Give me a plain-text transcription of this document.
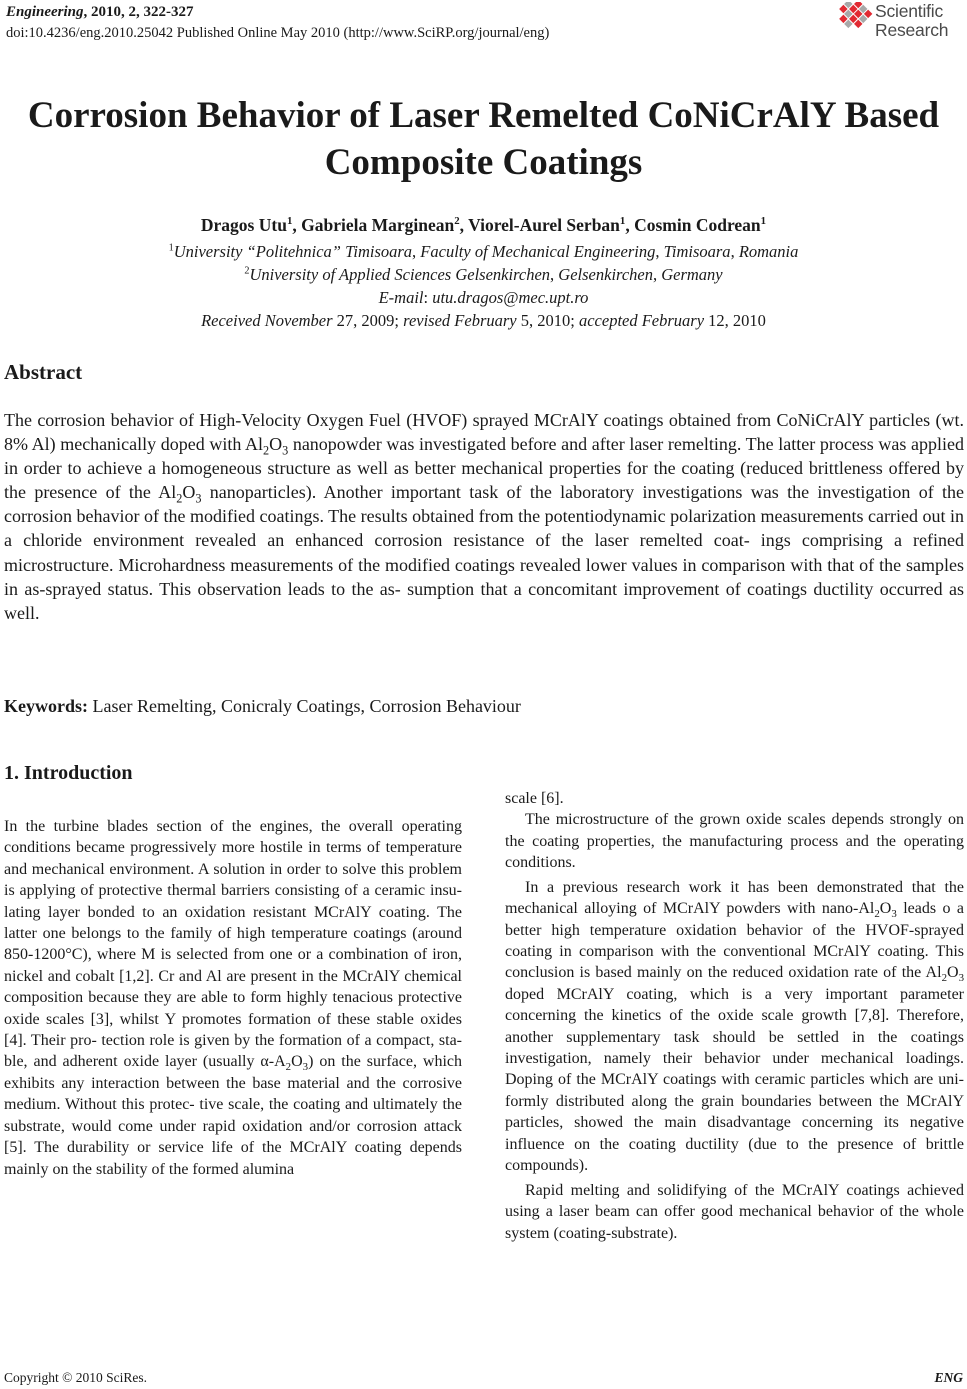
Engineering, 2010, 2, 322-327
doi:10.4236/eng.2010.25042 Published Online May 2010 (http://www.SciRP.org/journal/eng)
Scientific
Research
Corrosion Behavior of Laser Remelted CoNiCrAlY Based
Composite Coatings
Dragos Utu$^1$, Gabriela Marginean$^2$, Viorel-Aurel Serban$^1$, Cosmin Codrean$^1$
$^1$University “Politehnica” Timisoara, Faculty of Mechanical Engineering, Timisoara, Romania
$^2$University of Applied Sciences Gelsenkirchen, Gelsenkirchen, Germany
E-mail: utu.dragos@mec.upt.ro
Received November 27, 2009; revised February 5, 2010; accepted February 12, 2010
Abstract
The corrosion behavior of High-Velocity Oxygen Fuel (HVOF) sprayed MCrAlY coatings obtained from CoNiCrAlY particles (wt. 8% Al) mechanically doped with $Al_2O_3$ nanopowder was investigated before and after laser remelting. The latter process was applied in order to achieve a homogeneous structure as well as better mechanical properties for the coating (reduced brittleness offered by the presence of the $Al_2O_3$ nanoparticles). Another important task of the laboratory investigations was the investigation of the corrosion behavior of the modified coatings. The results obtained from the potentiodynamic polarization measurements carried out in a chloride environment revealed an enhanced corrosion resistance of the laser remelted coat- ings comprising a refined microstructure. Microhardness measurements of the modified coatings revealed lower values in comparison with that of the samples in as-sprayed status. This observation leads to the as- sumption that a concomitant improvement of coatings ductility occurred as well.
Keywords: Laser Remelting, Conicraly Coatings, Corrosion Behaviour
1. Introduction

In the turbine blades section of the engines, the overall operating conditions became progressively more hostile in terms of temperature and mechanical environment. A solution in order to solve this problem is applying of protective thermal barriers consisting of a ceramic insu- lating layer bonded to an oxidation resistant MCrAlY coating. The latter one belongs to the family of high temperature coatings (around 850-1200°C), where M is selected from one or a combination of iron, nickel and cobalt [1,2]. Cr and Al are present in the MCrAlY chemical composition because they are able to form highly tenacious protective oxide scales [3], whilst Y promotes formation of these stable oxides [4]. Their pro- tection role is given by the formation of a compact, sta- ble, and adherent oxide layer (usually $\alpha-A_2O_3$) on the surface, which exhibits any interaction between the base material and the corrosive medium. Without this protec- tive scale, the coating and ultimately the substrate, would come under rapid oxidation and/or corrosion attack [5]. The durability or service life of the MCrAlY coating depends mainly on the stability of the formed alumina

scale [6].

The microstructure of the grown oxide scales depends strongly on the coating properties, the manufacturing process and the operating conditions.

In a previous research work it has been demonstrated that the mechanical alloying of MCrAlY powders with nano-$Al_2O_3$ leads o a better high temperature oxidation behavior of the HVOF-sprayed coating in comparison with the conventional MCrAlY coating. This conclusion is based mainly on the reduced oxidation rate of the $Al_2O_3$ doped MCrAlY coating, which is a very important parameter concerning the kinetics of the oxide scale growth [7,8]. Therefore, another supplementary task should be settled in the coatings investigation, namely their behavior under mechanical loadings. Doping of the MCrAlY coatings with ceramic particles which are uni- formly distributed along the grain boundaries between the MCrAlY particles, showed the main disadvantage concerning its negative influence on the coating ductility (due to the presence of brittle compounds).

Rapid melting and solidifying of the MCrAlY coatings achieved using a laser beam can offer good mechanical behavior of the whole system (coating-substrate).

Copyright © 2010 SciRes.	ENG
